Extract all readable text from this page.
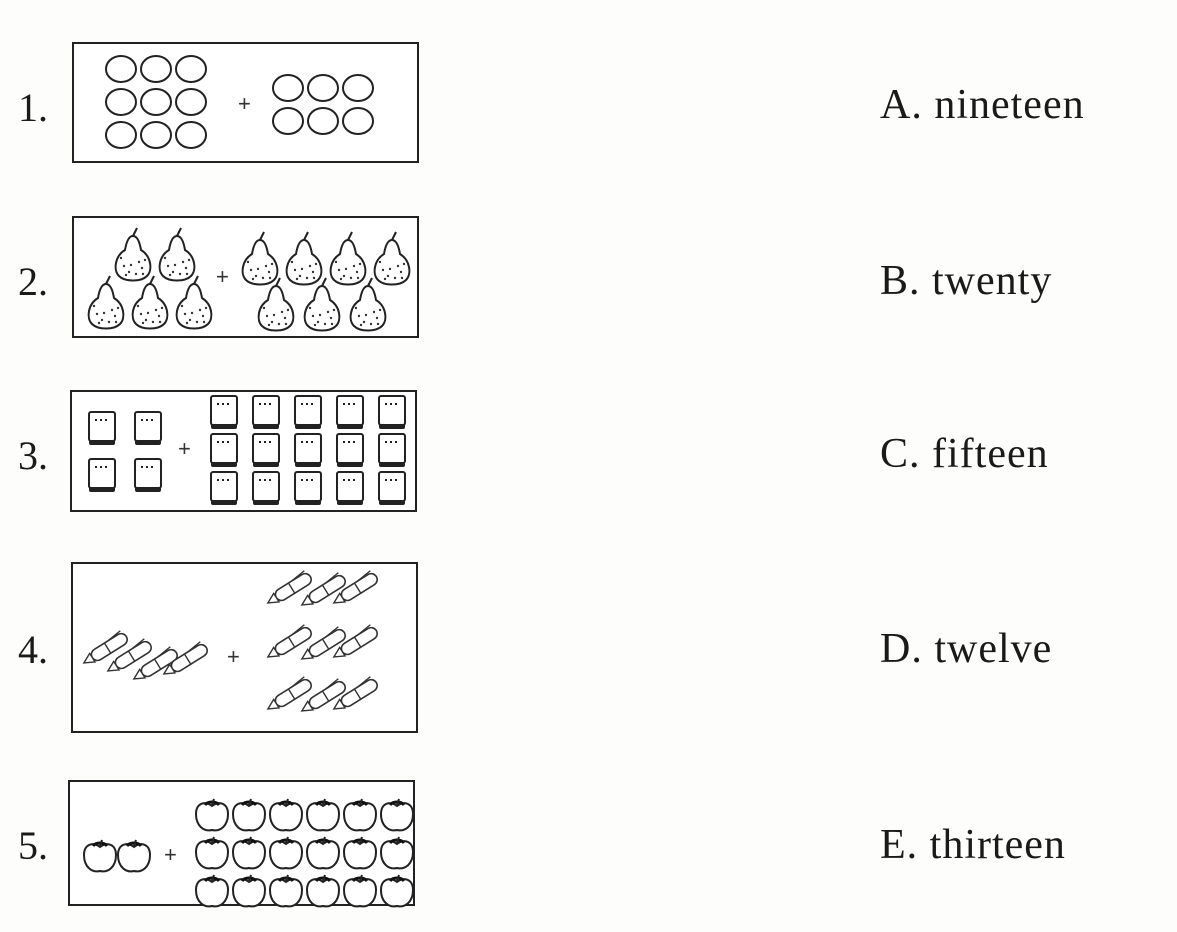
1.	+
2.	+
3.	+
4.	+
5.	+
A. nineteen
B. twenty
C. fifteen
D. twelve
E. thirteen
